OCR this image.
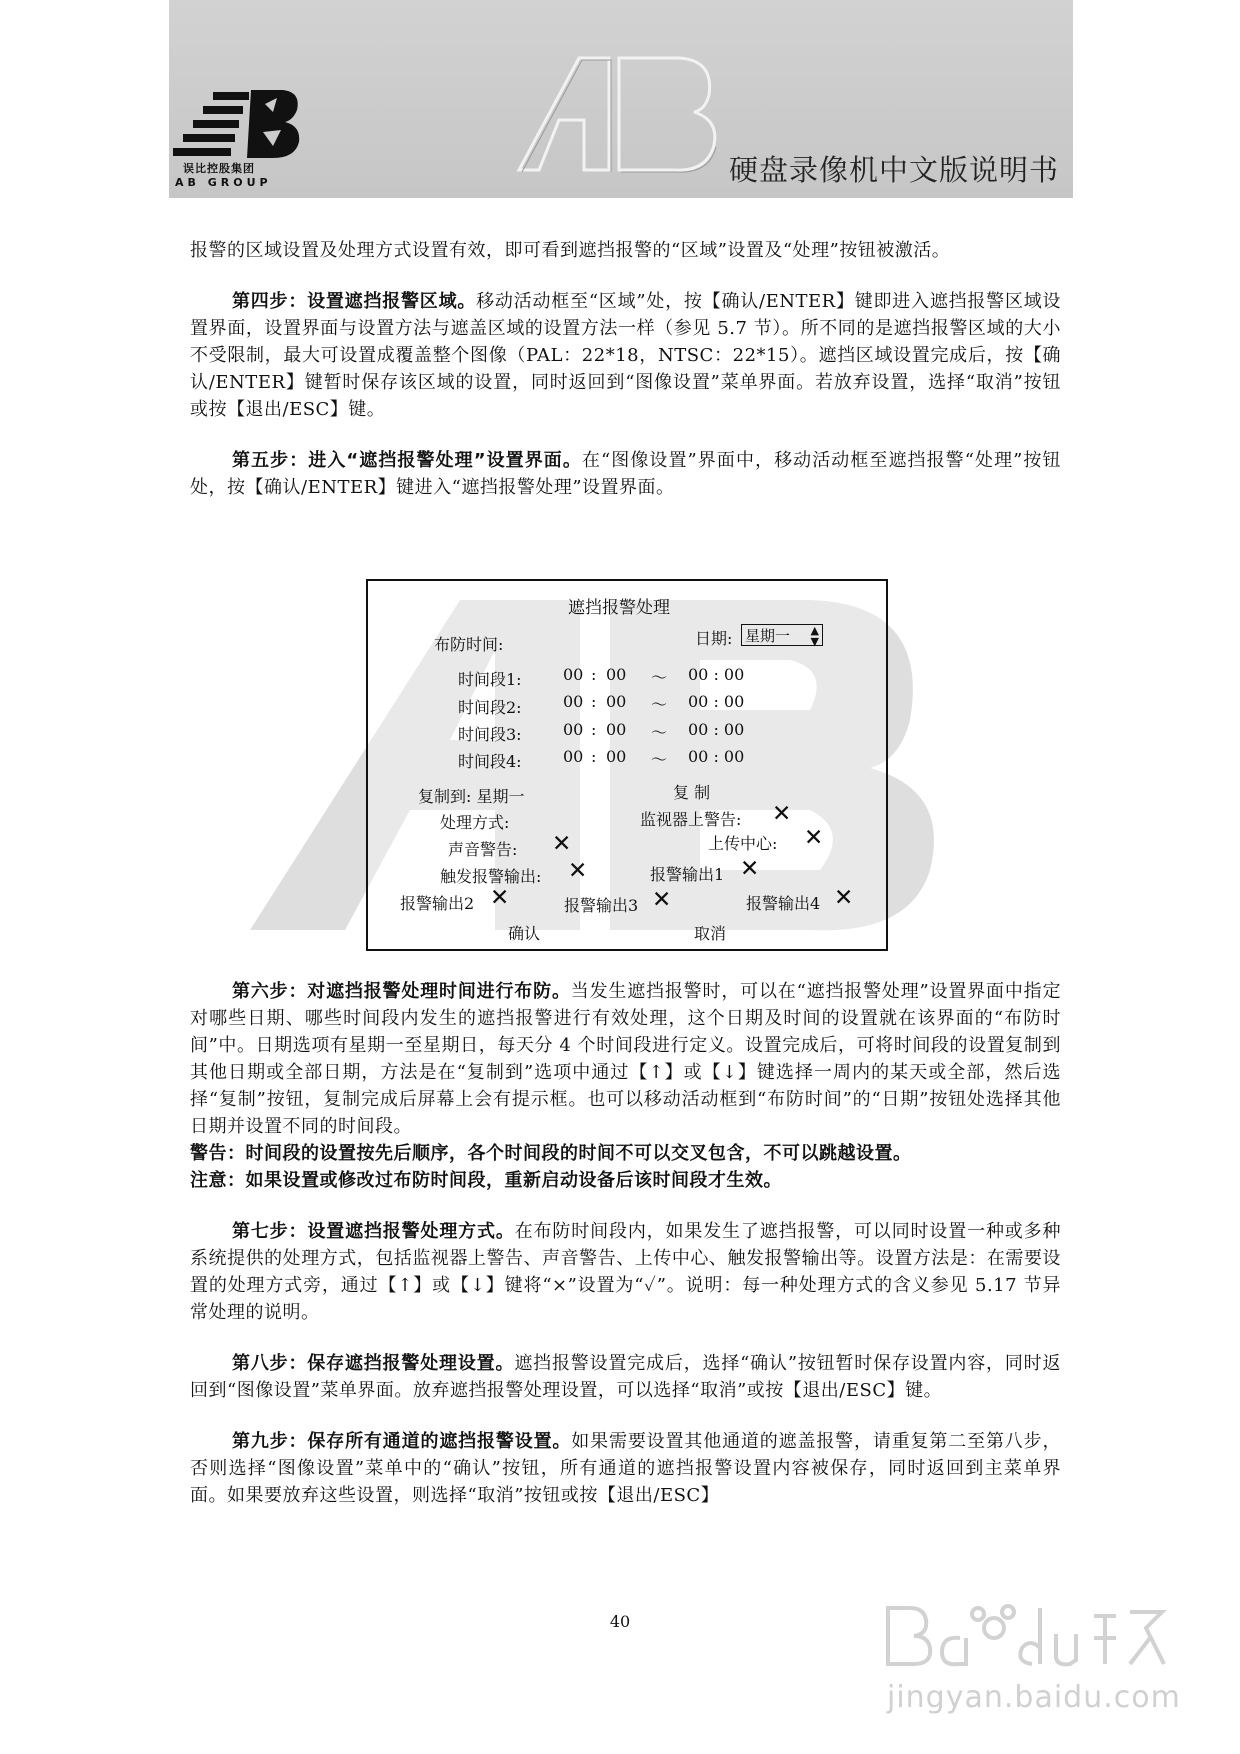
误比控股集团
AB GROUP	硬盘录像机中文版说明书

报警的区域设置及处理方式设置有效，即可看到遮挡报警的“区域”设置及“处理”按钮被激活。

第四步：设置遮挡报警区域。移动活动框至“区域”处，按【确认/ENTER】键即进入遮挡报警区域设置界面，设置界面与设置方法与遮盖区域的设置方法一样（参见 5.7 节）。所不同的是遮挡报警区域的大小不受限制，最大可设置成覆盖整个图像（PAL：22*18，NTSC：22*15）。遮挡区域设置完成后，按【确认/ENTER】键暂时保存该区域的设置，同时返回到“图像设置”菜单界面。若放弃设置，选择“取消”按钮或按【退出/ESC】键。

第五步：进入“遮挡报警处理”设置界面。在“图像设置”界面中，移动活动框至遮挡报警“处理”按钮处，按【确认/ENTER】键进入“遮挡报警处理”设置界面。

遮挡报警处理
布防时间:	日期: 星期一 ▲
▼
时间段1:	00 : 00 ～ 00 : 00
时间段2:	00 : 00 ～ 00 : 00
时间段3:	00 : 00 ～ 00 : 00
时间段4:	00 : 00 ～ 00 : 00
复制到: 星期一	复 制
处理方式:	监视器上警告: ✕
声音警告: ✕	上传中心: ✕
触发报警输出: ✕	报警输出1 ✕
报警输出2 ✕	报警输出3 ✕	报警输出4 ✕
确认	取消

第六步：对遮挡报警处理时间进行布防。当发生遮挡报警时，可以在“遮挡报警处理”设置界面中指定对哪些日期、哪些时间段内发生的遮挡报警进行有效处理，这个日期及时间的设置就在该界面的“布防时间”中。日期选项有星期一至星期日，每天分 4 个时间段进行定义。设置完成后，可将时间段的设置复制到其他日期或全部日期，方法是在“复制到”选项中通过【↑】或【↓】键选择一周内的某天或全部，然后选择“复制”按钮，复制完成后屏幕上会有提示框。也可以移动活动框到“布防时间”的“日期”按钮处选择其他日期并设置不同的时间段。

警告：时间段的设置按先后顺序，各个时间段的时间不可以交叉包含，不可以跳越设置。

注意：如果设置或修改过布防时间段，重新启动设备后该时间段才生效。

第七步：设置遮挡报警处理方式。在布防时间段内，如果发生了遮挡报警，可以同时设置一种或多种系统提供的处理方式，包括监视器上警告、声音警告、上传中心、触发报警输出等。设置方法是：在需要设置的处理方式旁，通过【↑】或【↓】键将“×”设置为“✓”。说明：每一种处理方式的含义参见 5.17 节异常处理的说明。

第八步：保存遮挡报警处理设置。遮挡报警设置完成后，选择“确认”按钮暂时保存设置内容，同时返回到“图像设置”菜单界面。放弃遮挡报警处理设置，可以选择“取消”或按【退出/ESC】键。

第九步：保存所有通道的遮挡报警设置。如果需要设置其他通道的遮盖报警，请重复第二至第八步，否则选择“图像设置”菜单中的“确认”按钮，所有通道的遮挡报警设置内容被保存，同时返回到主菜单界面。如果要放弃这些设置，则选择“取消”按钮或按【退出/ESC】

40
jingyan.baidu.com
